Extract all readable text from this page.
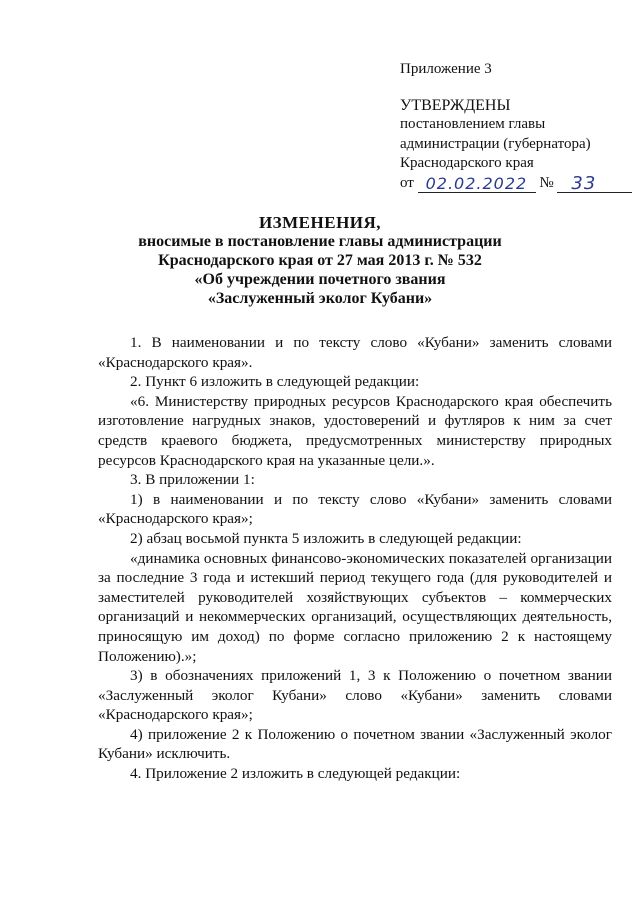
Приложение 3
УТВЕРЖДЕНЫ
постановлением главы
администрации (губернатора)
Краснодарского края
от 02.02.2022 № 33
ИЗМЕНЕНИЯ,
вносимые в постановление главы администрации
Краснодарского края от 27 мая 2013 г. № 532
«Об учреждении почетного звания
«Заслуженный эколог Кубани»

1. В наименовании и по тексту слово «Кубани» заменить словами «Краснодарского края».

2. Пункт 6 изложить в следующей редакции:

«6. Министерству природных ресурсов Краснодарского края обеспечить изготовление нагрудных знаков, удостоверений и футляров к ним за счет средств краевого бюджета, предусмотренных министерству природных ресурсов Краснодарского края на указанные цели.».

3. В приложении 1:

1) в наименовании и по тексту слово «Кубани» заменить словами «Краснодарского края»;

2) абзац восьмой пункта 5 изложить в следующей редакции:

«динамика основных финансово-экономических показателей организации за последние 3 года и истекший период текущего года (для руководителей и заместителей руководителей хозяйствующих субъектов – коммерческих организаций и некоммерческих организаций, осуществляющих деятельность, приносящую им доход) по форме согласно приложению 2 к настоящему Положению).»;

3) в обозначениях приложений 1, 3 к Положению о почетном звании «Заслуженный эколог Кубани» слово «Кубани» заменить словами «Краснодарского края»;

4) приложение 2 к Положению о почетном звании «Заслуженный эколог Кубани» исключить.

4. Приложение 2 изложить в следующей редакции:
